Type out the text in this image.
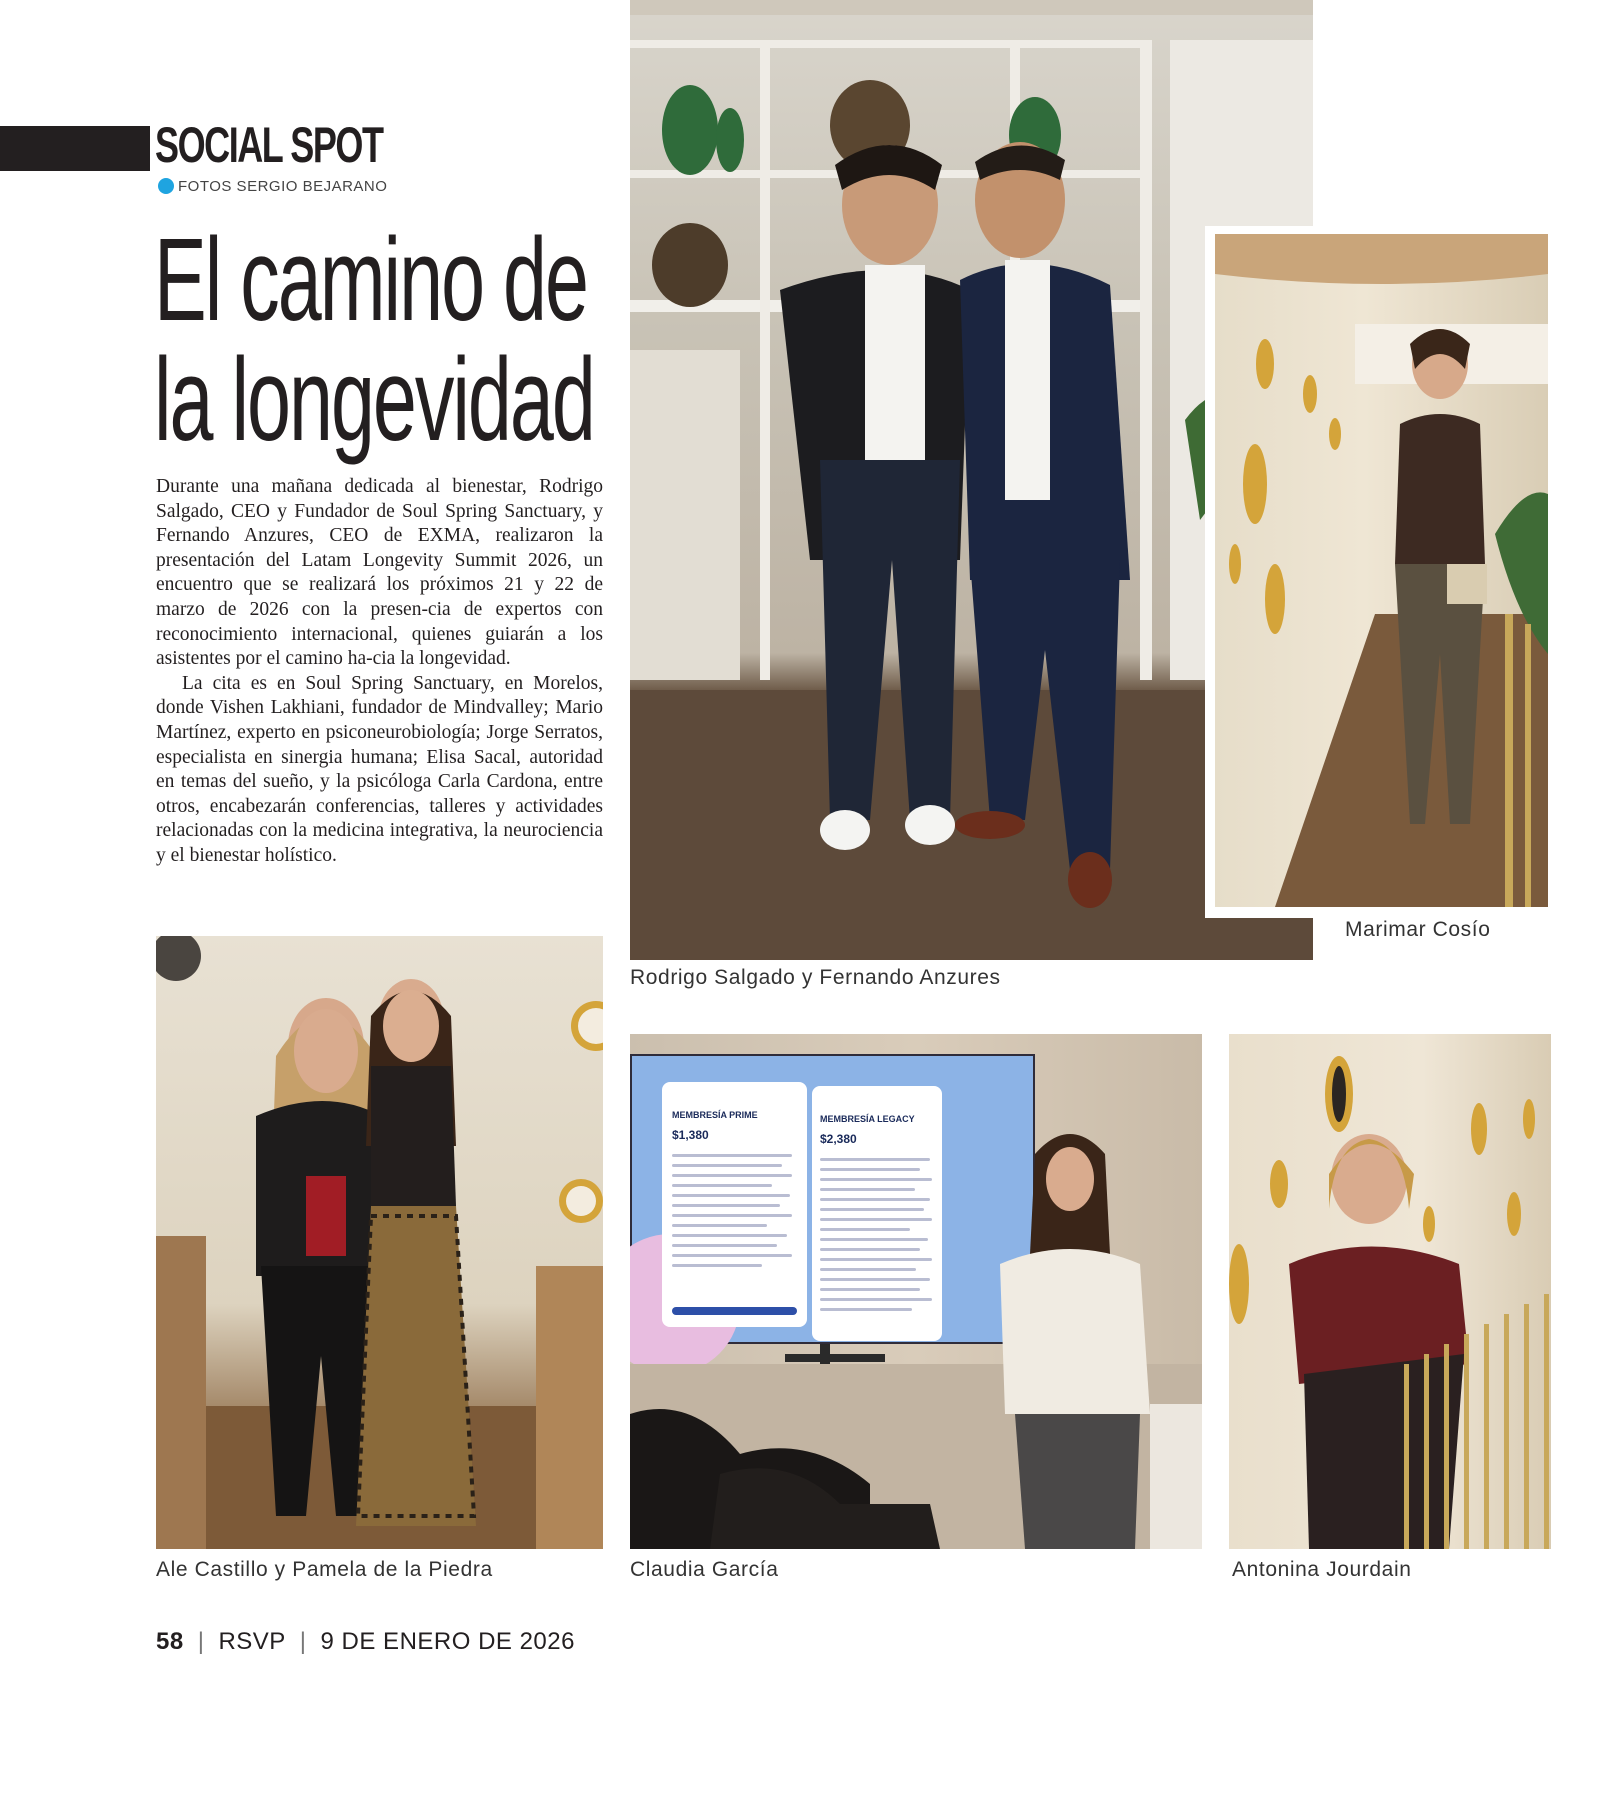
SOCIAL SPOT
FOTOS SERGIO BEJARANO
El camino de
la longevidad

Durante una mañana dedicada al bienestar, Rodrigo Salgado, CEO y Fundador de Soul Spring Sanctuary, y Fernando Anzures, CEO de EXMA, realizaron la presentación del Latam Longevity Summit 2026, un encuentro que se realizará los próximos 21 y 22 de marzo de 2026 con la presen-cia de expertos con reconocimiento internacional, quienes guiarán a los asistentes por el camino ha-cia la longevidad.

La cita es en Soul Spring Sanctuary, en Morelos, donde Vishen Lakhiani, fundador de Mindvalley; Mario Martínez, experto en psiconeurobiología; Jorge Serratos, especialista en sinergia humana; Elisa Sacal, autoridad en temas del sueño, y la psicóloga Carla Cardona, entre otros, encabezarán conferencias, talleres y actividades relacionadas con la medicina integrativa, la neurociencia y el bienestar holístico.

Rodrigo Salgado y Fernando Anzures
Marimar Cosío
Ale Castillo y Pamela de la Piedra
MEMBRESÍA PRIME
$1,380
MEMBRESÍA LEGACY
$2,380
Claudia García	Antonina Jourdain
58 | RSVP | 9 DE ENERO DE 2026
